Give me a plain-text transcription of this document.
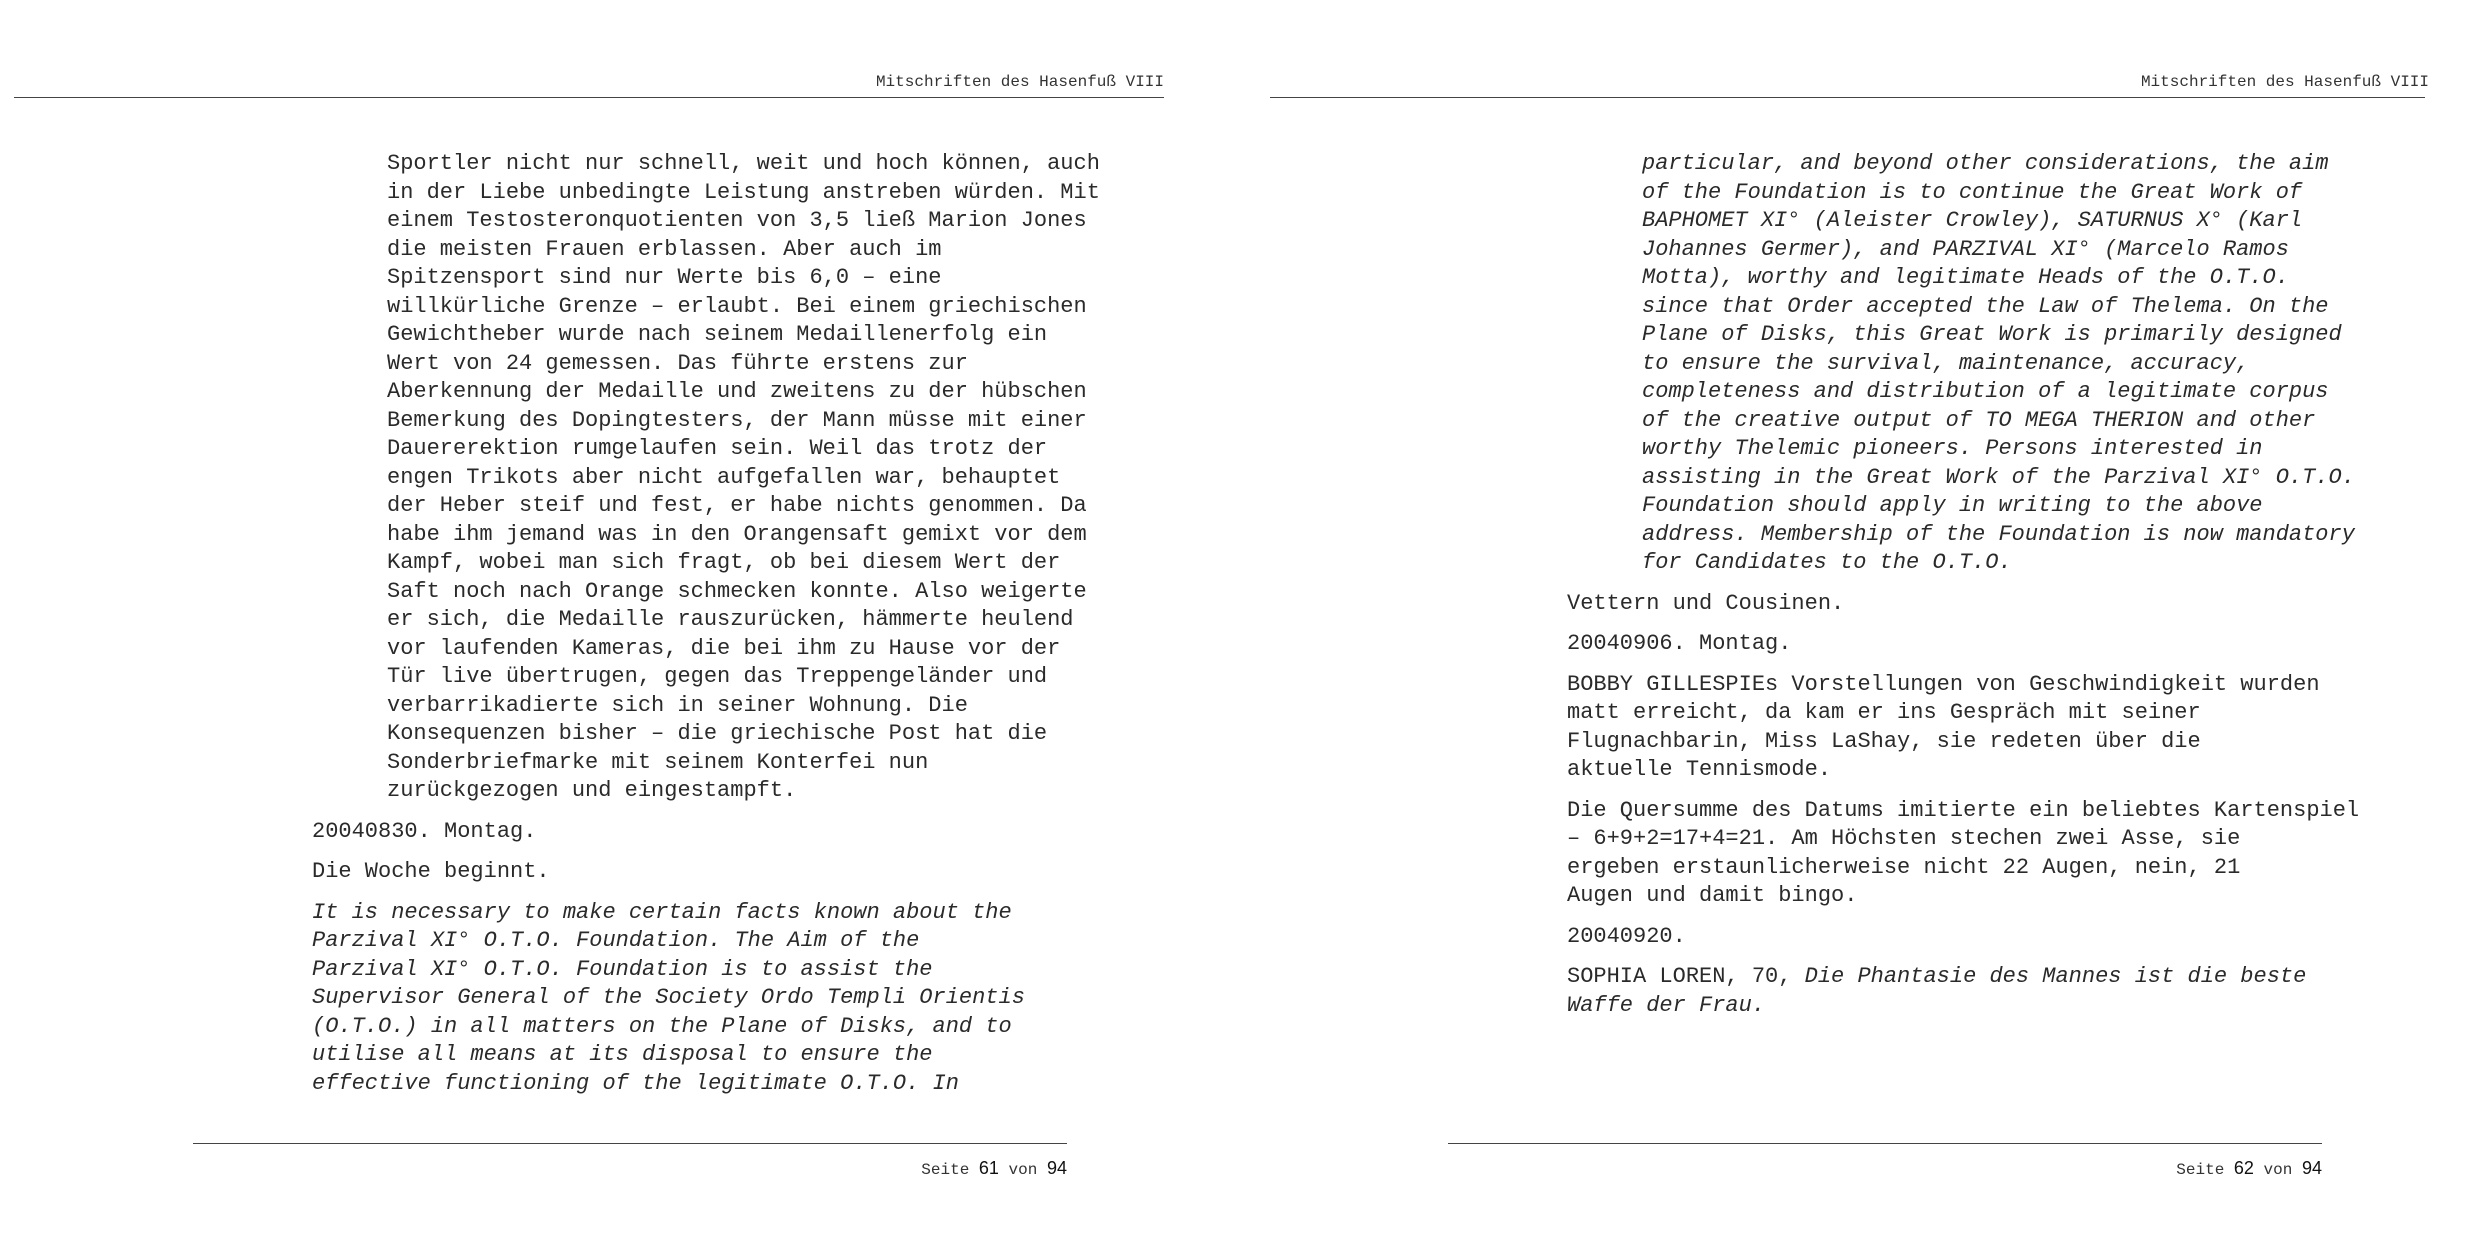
Mitschriften des Hasenfuß VIII
Sportler nicht nur schnell, weit und hoch können, auch
in der Liebe unbedingte Leistung anstreben würden. Mit
einem Testosteronquotienten von 3,5 ließ Marion Jones
die meisten Frauen erblassen. Aber auch im
Spitzensport sind nur Werte bis 6,0 – eine
willkürliche Grenze – erlaubt. Bei einem griechischen
Gewichtheber wurde nach seinem Medaillenerfolg ein
Wert von 24 gemessen. Das führte erstens zur
Aberkennung der Medaille und zweitens zu der hübschen
Bemerkung des Dopingtesters, der Mann müsse mit einer
Dauererektion rumgelaufen sein. Weil das trotz der
engen Trikots aber nicht aufgefallen war, behauptet
der Heber steif und fest, er habe nichts genommen. Da
habe ihm jemand was in den Orangensaft gemixt vor dem
Kampf, wobei man sich fragt, ob bei diesem Wert der
Saft noch nach Orange schmecken konnte. Also weigerte
er sich, die Medaille rauszurücken, hämmerte heulend
vor laufenden Kameras, die bei ihm zu Hause vor der
Tür live übertrugen, gegen das Treppengeländer und
verbarrikadierte sich in seiner Wohnung. Die
Konsequenzen bisher – die griechische Post hat die
Sonderbriefmarke mit seinem Konterfei nun
zurückgezogen und eingestampft.
20040830. Montag.
Die Woche beginnt.
It is necessary to make certain facts known about the
Parzival XI° O.T.O. Foundation. The Aim of the
Parzival XI° O.T.O. Foundation is to assist the
Supervisor General of the Society Ordo Templi Orientis
(O.T.O.) in all matters on the Plane of Disks, and to
utilise all means at its disposal to ensure the
effective functioning of the legitimate O.T.O. In
Seite 61 von 94
Mitschriften des Hasenfuß VIII
particular, and beyond other considerations, the aim
of the Foundation is to continue the Great Work of
BAPHOMET XI° (Aleister Crowley), SATURNUS X° (Karl
Johannes Germer), and PARZIVAL XI° (Marcelo Ramos
Motta), worthy and legitimate Heads of the O.T.O.
since that Order accepted the Law of Thelema. On the
Plane of Disks, this Great Work is primarily designed
to ensure the survival, maintenance, accuracy,
completeness and distribution of a legitimate corpus
of the creative output of TO MEGA THERION and other
worthy Thelemic pioneers. Persons interested in
assisting in the Great Work of the Parzival XI° O.T.O.
Foundation should apply in writing to the above
address. Membership of the Foundation is now mandatory
for Candidates to the O.T.O.
Vettern und Cousinen.
20040906. Montag.
BOBBY GILLESPIEs Vorstellungen von Geschwindigkeit wurden
matt erreicht, da kam er ins Gespräch mit seiner
Flugnachbarin, Miss LaShay, sie redeten über die
aktuelle Tennismode.
Die Quersumme des Datums imitierte ein beliebtes Kartenspiel
– 6+9+2=17+4=21. Am Höchsten stechen zwei Asse, sie
ergeben erstaunlicherweise nicht 22 Augen, nein, 21
Augen und damit bingo.
20040920.
SOPHIA LOREN, 70, Die Phantasie des Mannes ist die beste
Waffe der Frau.
Seite 62 von 94
